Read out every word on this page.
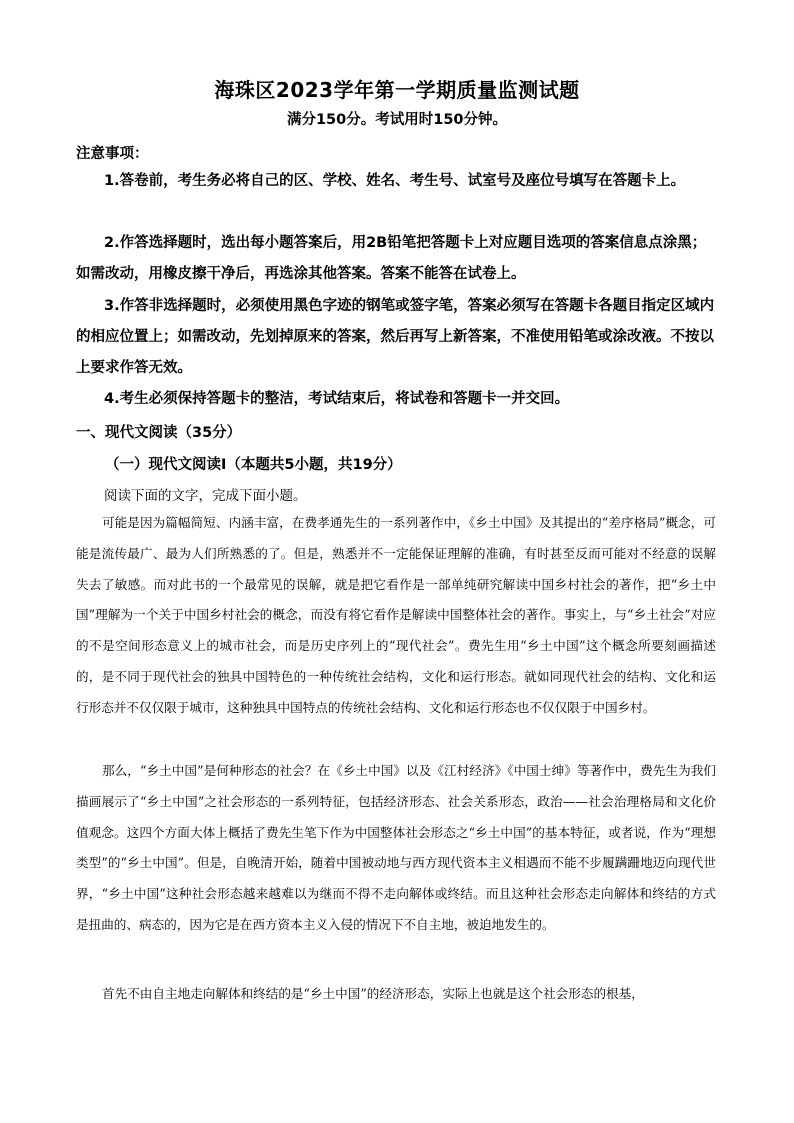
海珠区2023学年第一学期质量监测试题
满分150分。考试用时150分钟。
注意事项：

1.答卷前，考生务必将自己的区、学校、姓名、考生号、试室号及座位号填写在答题卡上。

2.作答选择题时，选出每小题答案后，用2B铅笔把答题卡上对应题目选项的答案信息点涂黑；如需改动，用橡皮擦干净后，再选涂其他答案。答案不能答在试卷上。

3.作答非选择题时，必须使用黑色字迹的钢笔或签字笔，答案必须写在答题卡各题目指定区域内的相应位置上；如需改动，先划掉原来的答案，然后再写上新答案，不准使用铅笔或涂改液。不按以上要求作答无效。

4.考生必须保持答题卡的整洁，考试结束后，将试卷和答题卡一并交回。

一、现代文阅读（35分）
（一）现代文阅读Ⅰ（本题共5小题，共19分）
阅读下面的文字，完成下面小题。

可能是因为篇幅简短、内涵丰富，在费孝通先生的一系列著作中，《乡土中国》及其提出的“差序格局”概念，可能是流传最广、最为人们所熟悉的了。但是，熟悉并不一定能保证理解的准确，有时甚至反而可能对不经意的误解失去了敏感。而对此书的一个最常见的误解，就是把它看作是一部单纯研究解读中国乡村社会的著作，把“乡土中国”理解为一个关于中国乡村社会的概念，而没有将它看作是解读中国整体社会的著作。事实上，与“乡土社会”对应的不是空间形态意义上的城市社会，而是历史序列上的“现代社会”。费先生用“乡土中国”这个概念所要刻画描述的，是不同于现代社会的独具中国特色的一种传统社会结构，文化和运行形态。就如同现代社会的结构、文化和运行形态并不仅仅限于城市，这种独具中国特点的传统社会结构、文化和运行形态也不仅仅限于中国乡村。

那么，“乡土中国”是何种形态的社会？在《乡土中国》以及《江村经济》《中国士绅》等著作中，费先生为我们描画展示了“乡土中国”之社会形态的一系列特征，包括经济形态、社会关系形态，政治——社会治理格局和文化价值观念。这四个方面大体上概括了费先生笔下作为中国整体社会形态之“乡土中国”的基本特征，或者说，作为“理想类型”的“乡土中国”。但是，自晚清开始，随着中国被动地与西方现代资本主义相遇而不能不步履蹒跚地迈向现代世界，“乡土中国”这种社会形态越来越难以为继而不得不走向解体或终结。而且这种社会形态走向解体和终结的方式是扭曲的、病态的，因为它是在西方资本主义入侵的情况下不自主地，被迫地发生的。

首先不由自主地走向解体和终结的是“乡土中国”的经济形态，实际上也就是这个社会形态的根基，
